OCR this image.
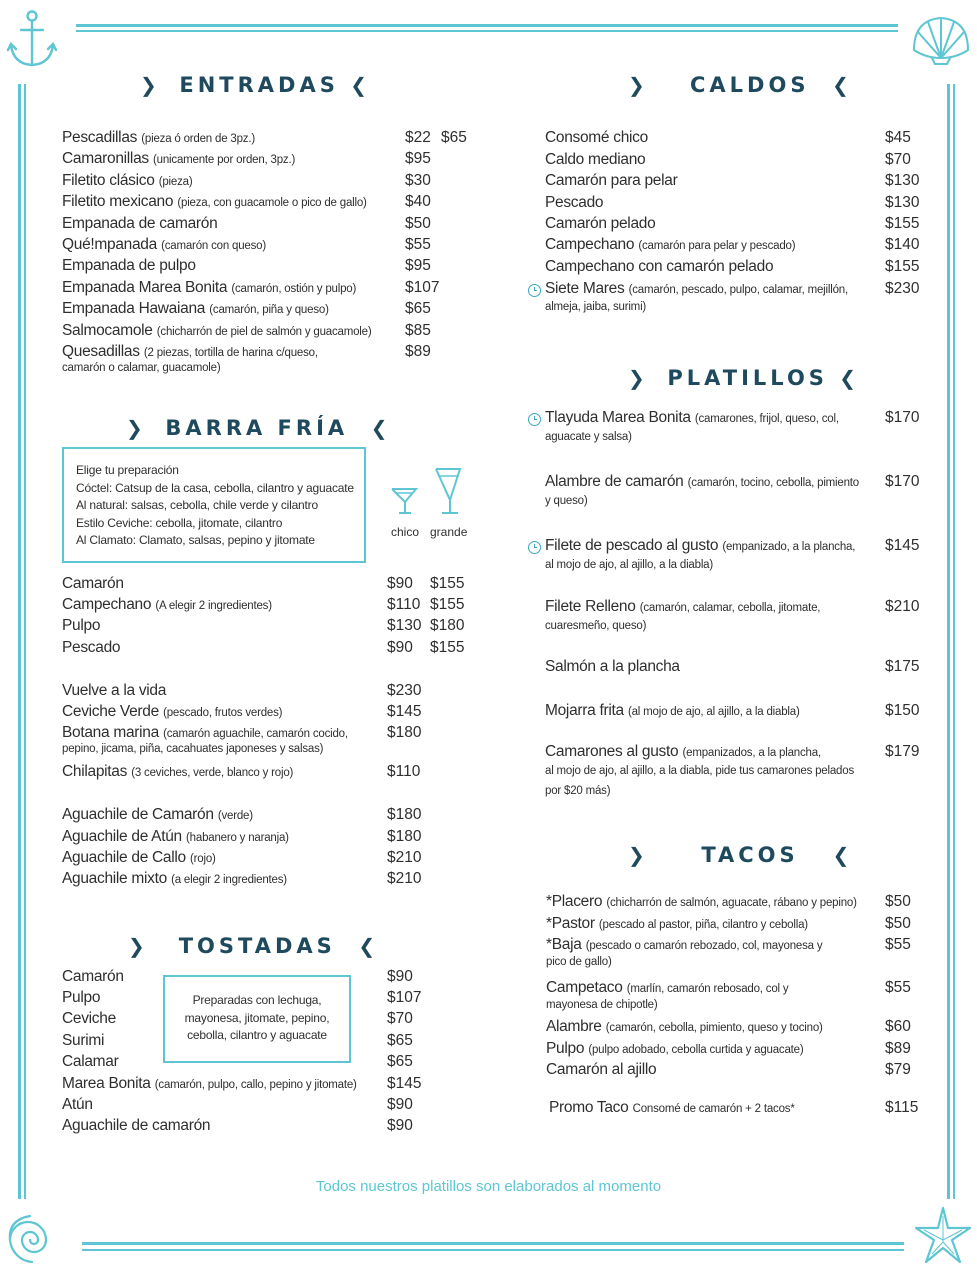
❯ ENTRADAS ❮
Pescadillas (pieza ó orden de 3pz.)	$22 $65
Camaronillas (unicamente por orden, 3pz.)	$95
Filetito clásico (pieza)	$30
Filetito mexicano (pieza, con guacamole o pico de gallo) $40
Empanada de camarón	$50
Qué!mpanada (camarón con queso)	$55
Empanada de pulpo	$95
Empanada Marea Bonita (camarón, ostión y pulpo)	$107
Empanada Hawaiana (camarón, piña y queso)	$65
Salmocamole (chicharrón de piel de salmón y guacamole) $85
Quesadillas (2 piezas, tortilla de harina c/queso,
camarón o calamar, guacamole)
$89
❯ BARRA FRÍA ❮
Elige tu preparación
Cóctel: Catsup de la casa, cebolla, cilantro y aguacate
Al natural: salsas, cebolla, chile verde y cilantro
Estilo Ceviche: cebolla, jitomate, cilantro
Al Clamato: Clamato, salsas, pepino y jitomate
chico grande
Camarón	$90 $155
Campechano (A elegir 2 ingredientes)	$110 $155
Pulpo	$130 $180
Pescado	$90 $155
Vuelve a la vida	$230
Ceviche Verde (pescado, frutos verdes)	$145
Botana marina (camarón aguachile, camarón cocido,
pepino, jicama, piña, cacahuates japoneses y salsas)
$180
Chilapitas (3 ceviches, verde, blanco y rojo)	$110
Aguachile de Camarón (verde)	$180
Aguachile de Atún (habanero y naranja)	$180
Aguachile de Callo (rojo)	$210
Aguachile mixto (a elegir 2 ingredientes)	$210
❯ TOSTADAS ❮
Preparadas con lechuga,
mayonesa, jitomate, pepino,
cebolla, cilantro y aguacate
Camarón	$90
Pulpo	$107
Ceviche	$70
Surimi	$65
Calamar	$65
Marea Bonita (camarón, pulpo, callo, pepino y jitomate) $145
Atún	$90
Aguachile de camarón	$90
❯ CALDOS ❮
Consomé chico	$45
Caldo mediano	$70
Camarón para pelar	$130
Pescado	$130
Camarón pelado	$155
Campechano (camarón para pelar y pescado)	$140
Campechano con camarón pelado	$155
Siete Mares (camarón, pescado, pulpo, calamar, mejillón,
almeja, jaiba, surimi)
$230
❯ PLATILLOS ❮
Tlayuda Marea Bonita (camarones, frijol, queso, col,
aguacate y salsa)
$170
Alambre de camarón (camarón, tocino, cebolla, pimiento
y queso)
$170
Filete de pescado al gusto (empanizado, a la plancha,
al mojo de ajo, al ajillo, a la diabla)
$145
Filete Relleno (camarón, calamar, cebolla, jitomate,
cuaresmeño, queso)
$210
Salmón a la plancha	$175
Mojarra frita (al mojo de ajo, al ajillo, a la diabla)	$150
Camarones al gusto (empanizados, a la plancha,
al mojo de ajo, al ajillo, a la diabla, pide tus camarones pelados
por $20 más)
$179
❯	TACOS ❮
*Placero (chicharrón de salmón, aguacate, rábano y pepino) $50
*Pastor (pescado al pastor, piña, cilantro y cebolla)	$50
*Baja (pescado o camarón rebozado, col, mayonesa y
pico de gallo)
$55
Campetaco (marlín, camarón rebosado, col y
mayonesa de chipotle)
$55
Alambre (camarón, cebolla, pimiento, queso y tocino)	$60
Pulpo (pulpo adobado, cebolla curtida y aguacate)	$89
Camarón al ajillo	$79
Promo Taco Consomé de camarón + 2 tacos*	$115
Todos nuestros platillos son elaborados al momento
